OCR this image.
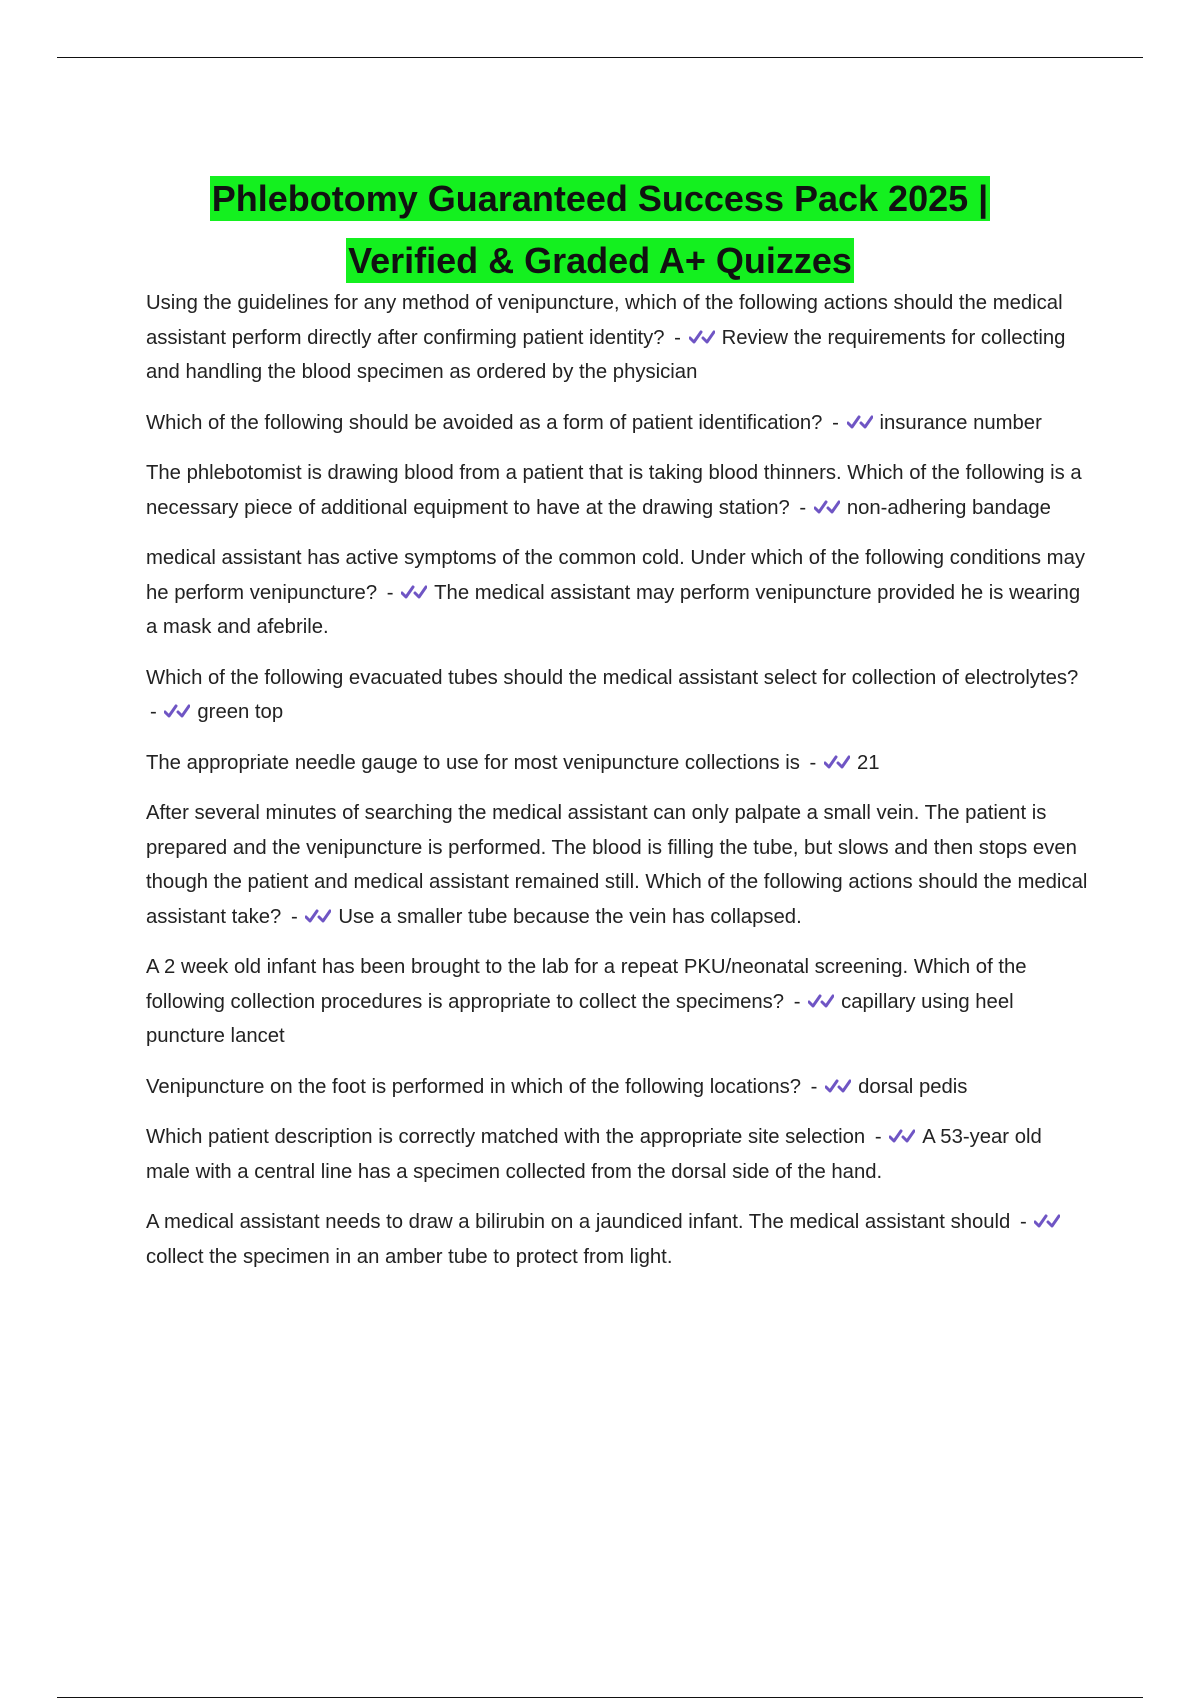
Phlebotomy Guaranteed Success Pack 2025 |
Verified & Graded A+ Quizzes

Using the guidelines for any method of venipuncture, which of the following actions should the medical assistant perform directly after confirming patient identity? - Review the requirements for collecting and handling the blood specimen as ordered by the physician

Which of the following should be avoided as a form of patient identification? - insurance number

The phlebotomist is drawing blood from a patient that is taking blood thinners. Which of the following is a necessary piece of additional equipment to have at the drawing station? - non-adhering bandage

medical assistant has active symptoms of the common cold. Under which of the following conditions may he perform venipuncture? - The medical assistant may perform venipuncture provided he is wearing a mask and afebrile.

Which of the following evacuated tubes should the medical assistant select for collection of electrolytes? - green top

The appropriate needle gauge to use for most venipuncture collections is - 21

After several minutes of searching the medical assistant can only palpate a small vein. The patient is prepared and the venipuncture is performed. The blood is filling the tube, but slows and then stops even though the patient and medical assistant remained still. Which of the following actions should the medical assistant take? - Use a smaller tube because the vein has collapsed.

A 2 week old infant has been brought to the lab for a repeat PKU/neonatal screening. Which of the following collection procedures is appropriate to collect the specimens? - capillary using heel puncture lancet

Venipuncture on the foot is performed in which of the following locations? - dorsal pedis

Which patient description is correctly matched with the appropriate site selection - A 53-year old male with a central line has a specimen collected from the dorsal side of the hand.

A medical assistant needs to draw a bilirubin on a jaundiced infant. The medical assistant should -
collect the specimen in an amber tube to protect from light.
